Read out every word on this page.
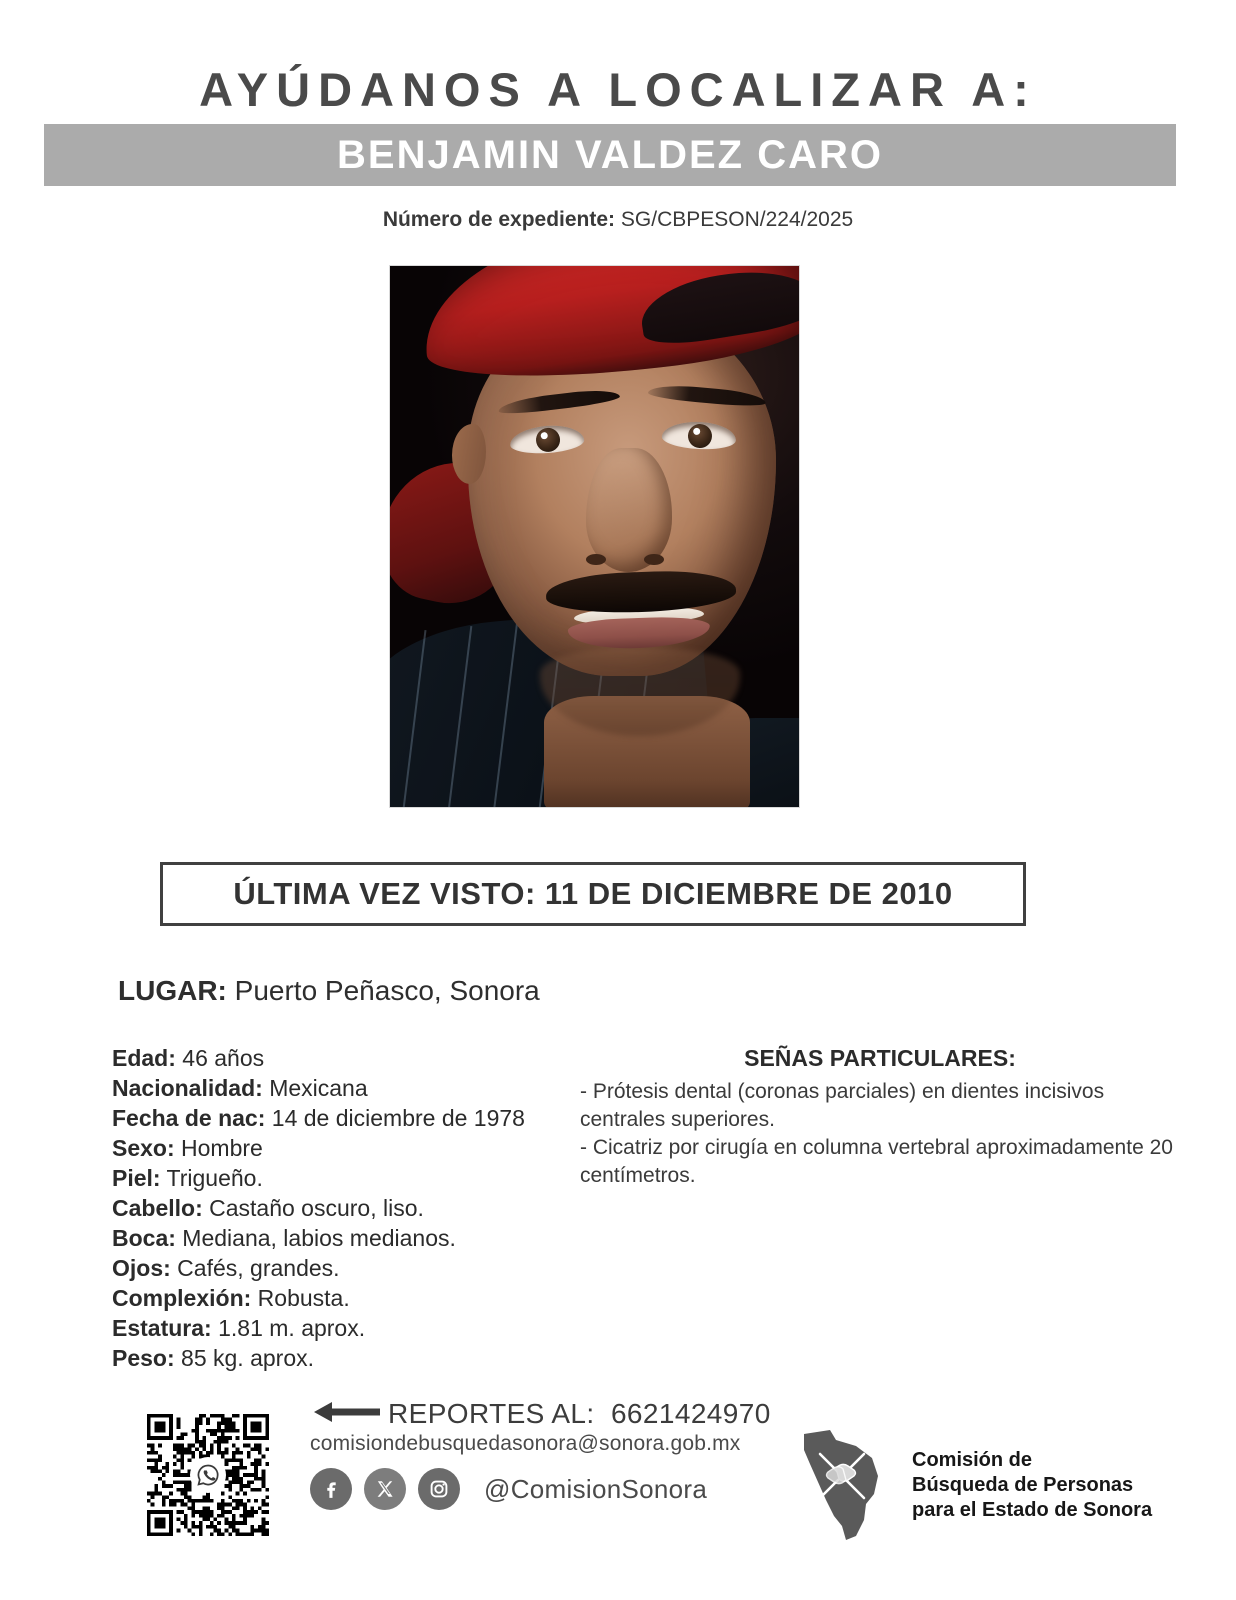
AYÚDANOS A LOCALIZAR A:
BENJAMIN VALDEZ CARO
Número de expediente: SG/CBPESON/224/2025
ÚLTIMA VEZ VISTO: 11 DE DICIEMBRE DE 2010
LUGAR: Puerto Peñasco, Sonora
Edad: 46 años
Nacionalidad: Mexicana
Fecha de nac: 14 de diciembre de 1978
Sexo: Hombre
Piel: Trigueño.
Cabello: Castaño oscuro, liso.
Boca: Mediana, labios medianos.
Ojos: Cafés, grandes.
Complexión: Robusta.
Estatura: 1.81 m. aprox.
Peso: 85 kg. aprox.
SEÑAS PARTICULARES:
- Prótesis dental (coronas parciales) en dientes incisivos centrales superiores.
- Cicatriz por cirugía en columna vertebral aproximadamente 20 centímetros.
REPORTES AL: 6621424970
comisiondebusquedasonora@sonora.gob.mx
@ComisionSonora
Comisión de
Búsqueda de Personas
para el Estado de Sonora
